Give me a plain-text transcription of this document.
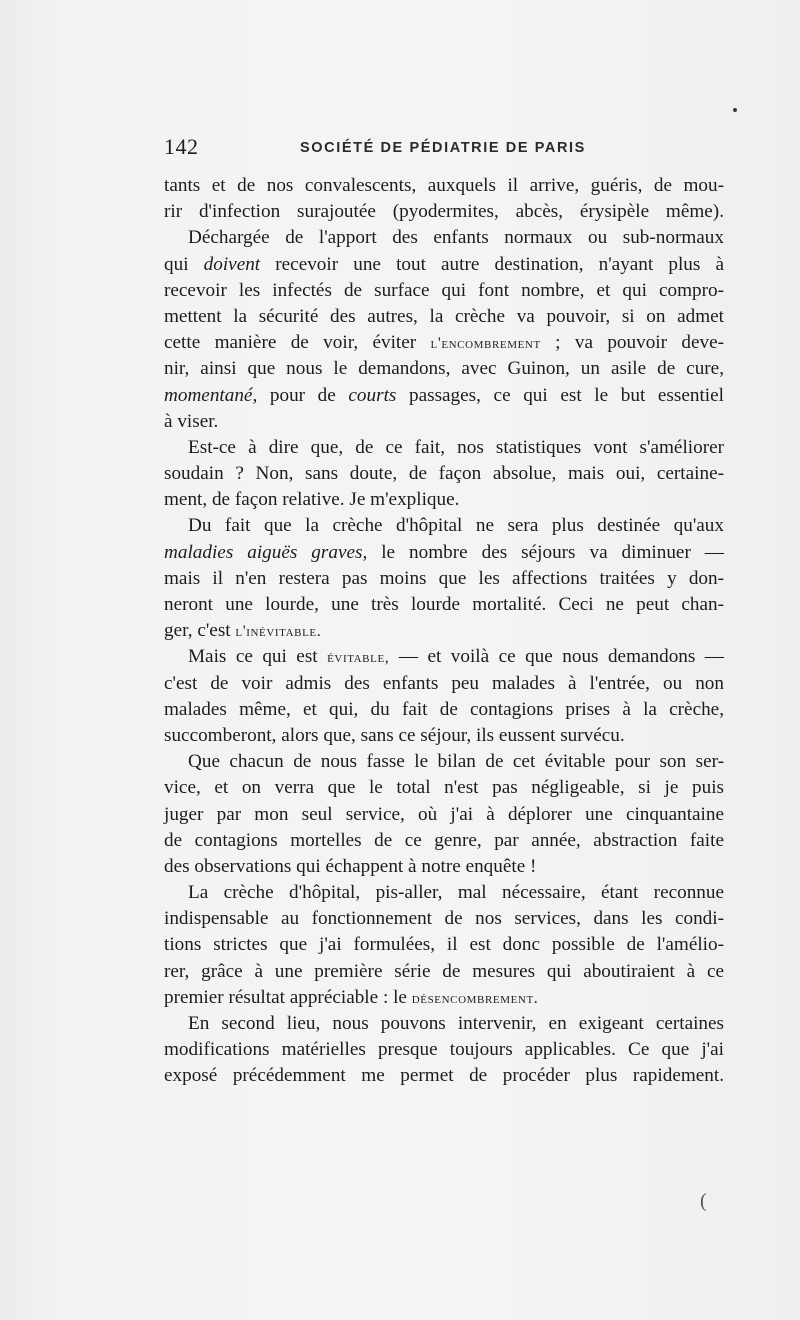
142	SOCIÉTÉ DE PÉDIATRIE DE PARIS
tants et de nos convalescents, auxquels il arrive, guéris, de mou-
rir d'infection surajoutée (pyodermites, abcès, érysipèle même).
Déchargée de l'apport des enfants normaux ou sub-normaux
qui doivent recevoir une tout autre destination, n'ayant plus à
recevoir les infectés de surface qui font nombre, et qui compro-
mettent la sécurité des autres, la crèche va pouvoir, si on admet
cette manière de voir, éviter l'encombrement ; va pouvoir deve-
nir, ainsi que nous le demandons, avec Guinon, un asile de cure,
momentané, pour de courts passages, ce qui est le but essentiel
à viser.
Est-ce à dire que, de ce fait, nos statistiques vont s'améliorer
soudain ? Non, sans doute, de façon absolue, mais oui, certaine-
ment, de façon relative. Je m'explique.
Du fait que la crèche d'hôpital ne sera plus destinée qu'aux
maladies aiguës graves, le nombre des séjours va diminuer —
mais il n'en restera pas moins que les affections traitées y don-
neront une lourde, une très lourde mortalité. Ceci ne peut chan-
ger, c'est l'inévitable.
Mais ce qui est évitable, — et voilà ce que nous demandons —
c'est de voir admis des enfants peu malades à l'entrée, ou non
malades même, et qui, du fait de contagions prises à la crèche,
succomberont, alors que, sans ce séjour, ils eussent survécu.
Que chacun de nous fasse le bilan de cet évitable pour son ser-
vice, et on verra que le total n'est pas négligeable, si je puis
juger par mon seul service, où j'ai à déplorer une cinquantaine
de contagions mortelles de ce genre, par année, abstraction faite
des observations qui échappent à notre enquête !
La crèche d'hôpital, pis-aller, mal nécessaire, étant reconnue
indispensable au fonctionnement de nos services, dans les condi-
tions strictes que j'ai formulées, il est donc possible de l'amélio-
rer, grâce à une première série de mesures qui aboutiraient à ce
premier résultat appréciable : le désencombrement.
En second lieu, nous pouvons intervenir, en exigeant certaines
modifications matérielles presque toujours applicables. Ce que j'ai
exposé précédemment me permet de procéder plus rapidement.
(
